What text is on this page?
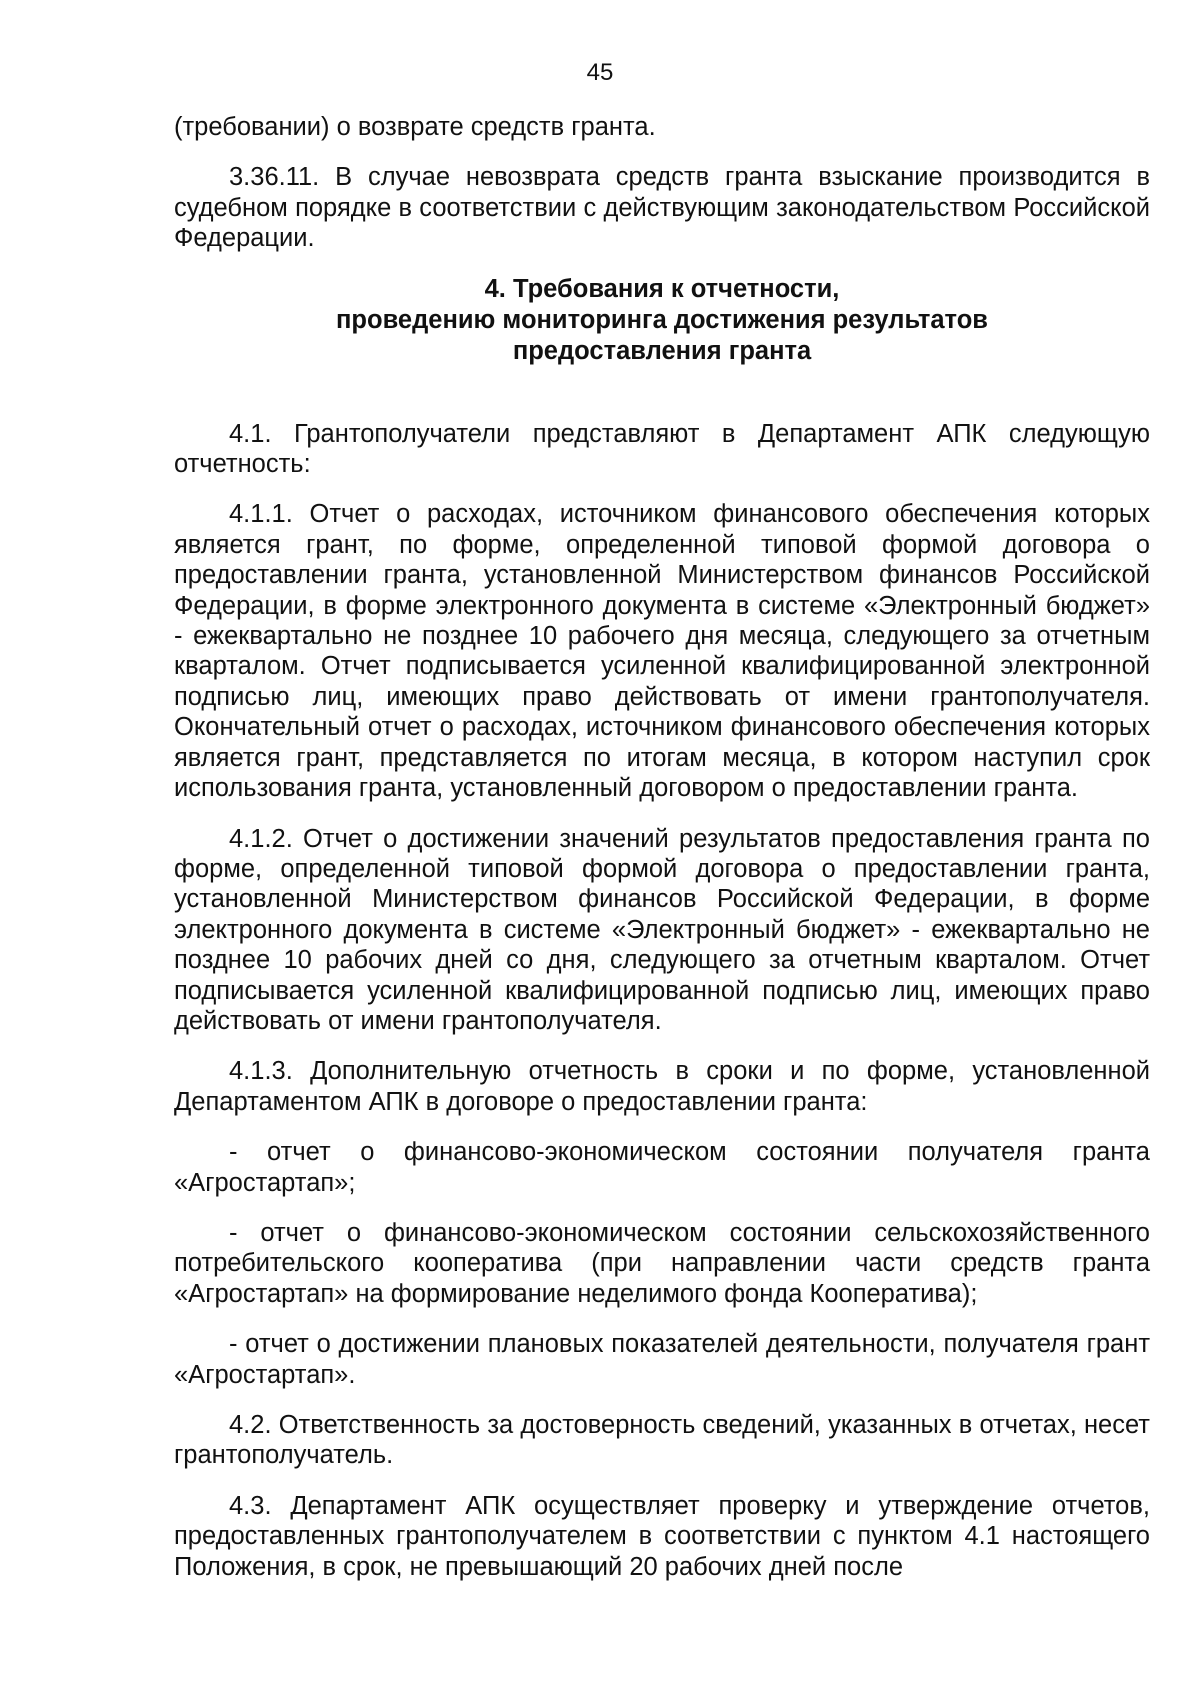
45

(требовании) о возврате средств гранта.

3.36.11. В случае невозврата средств гранта взыскание производится в судебном порядке в соответствии с действующим законодательством Российской Федерации.

4. Требования к отчетности,
проведению мониторинга достижения результатов
предоставления гранта

4.1. Грантополучатели представляют в Департамент АПК следующую отчетность:

4.1.1. Отчет о расходах, источником финансового обеспечения которых является грант, по форме, определенной типовой формой договора о предоставлении гранта, установленной Министерством финансов Российской Федерации, в форме электронного документа в системе «Электронный бюджет» - ежеквартально не позднее 10 рабочего дня месяца, следующего за отчетным кварталом. Отчет подписывается усиленной квалифицированной электронной подписью лиц, имеющих право действовать от имени грантополучателя. Окончательный отчет о расходах, источником финансового обеспечения которых является грант, представляется по итогам месяца, в котором наступил срок использования гранта, установленный договором о предоставлении гранта.

4.1.2. Отчет о достижении значений результатов предоставления гранта по форме, определенной типовой формой договора о предоставлении гранта, установленной Министерством финансов Российской Федерации, в форме электронного документа в системе «Электронный бюджет» - ежеквартально не позднее 10 рабочих дней со дня, следующего за отчетным кварталом. Отчет подписывается усиленной квалифицированной подписью лиц, имеющих право действовать от имени грантополучателя.

4.1.3. Дополнительную отчетность в сроки и по форме, установленной Департаментом АПК в договоре о предоставлении гранта:

- отчет о финансово-экономическом состоянии получателя гранта «Агростартап»;

- отчет о финансово-экономическом состоянии сельскохозяйственного потребительского кооператива (при направлении части средств гранта «Агростартап» на формирование неделимого фонда Кооператива);

- отчет о достижении плановых показателей деятельности, получателя грант «Агростартап».

4.2. Ответственность за достоверность сведений, указанных в отчетах, несет грантополучатель.

4.3. Департамент АПК осуществляет проверку и утверждение отчетов, предоставленных грантополучателем в соответствии с пунктом 4.1 настоящего Положения, в срок, не превышающий 20 рабочих дней после
